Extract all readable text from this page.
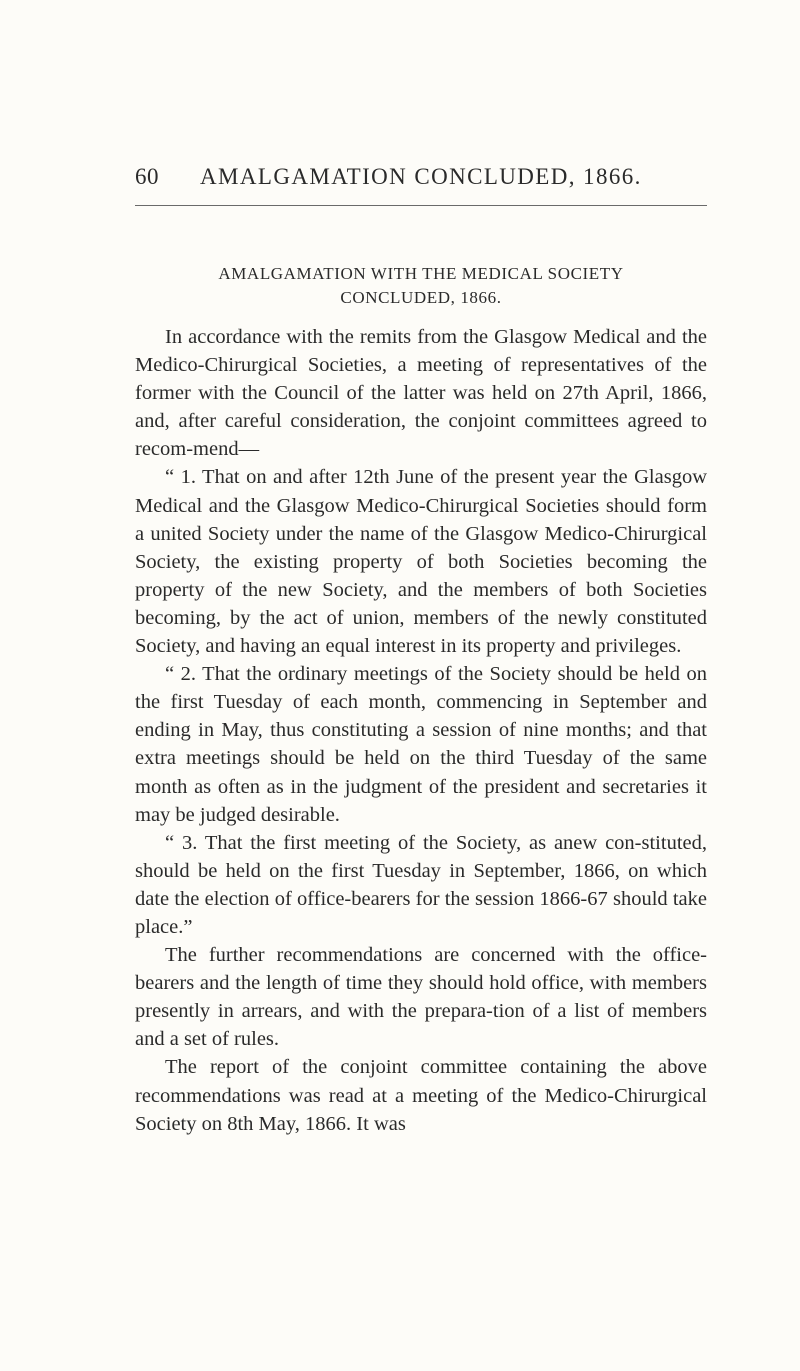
60 AMALGAMATION CONCLUDED, 1866.
AMALGAMATION WITH THE MEDICAL SOCIETY
CONCLUDED, 1866.

In accordance with the remits from the Glasgow Medical and the Medico-Chirurgical Societies, a meeting of representatives of the former with the Council of the latter was held on 27th April, 1866, and, after careful consideration, the conjoint committees agreed to recom-mend—

“ 1. That on and after 12th June of the present year the Glasgow Medical and the Glasgow Medico-Chirurgical Societies should form a united Society under the name of the Glasgow Medico-Chirurgical Society, the existing property of both Societies becoming the property of the new Society, and the members of both Societies becoming, by the act of union, members of the newly constituted Society, and having an equal interest in its property and privileges.

“ 2. That the ordinary meetings of the Society should be held on the first Tuesday of each month, commencing in September and ending in May, thus constituting a session of nine months; and that extra meetings should be held on the third Tuesday of the same month as often as in the judgment of the president and secretaries it may be judged desirable.

“ 3. That the first meeting of the Society, as anew con-stituted, should be held on the first Tuesday in September, 1866, on which date the election of office-bearers for the session 1866-67 should take place.”

The further recommendations are concerned with the office-bearers and the length of time they should hold office, with members presently in arrears, and with the prepara-tion of a list of members and a set of rules.

The report of the conjoint committee containing the above recommendations was read at a meeting of the Medico-Chirurgical Society on 8th May, 1866. It was
